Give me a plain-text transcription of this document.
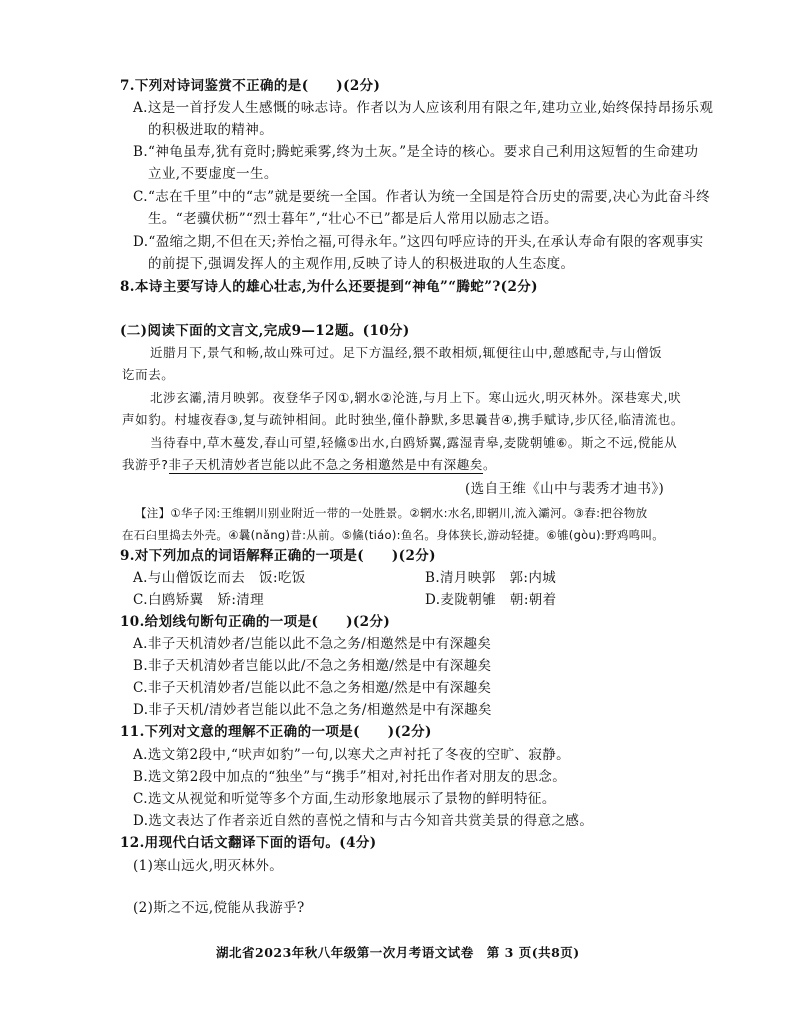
7.下列对诗词鉴赏不正确的是(　　)(2分)
A.这是一首抒发人生感慨的咏志诗。作者以为人应该利用有限之年,建功立业,始终保持昂扬乐观
的积极进取的精神。
B.“神龟虽寿,犹有竟时;腾蛇乘雾,终为土灰。”是全诗的核心。要求自己利用这短暂的生命建功
立业,不要虚度一生。
C.“志在千里”中的“志”就是要统一全国。作者认为统一全国是符合历史的需要,决心为此奋斗终
生。“老骥伏枥”“烈士暮年”,“壮心不已”都是后人常用以励志之语。
D.“盈缩之期,不但在天;养怡之福,可得永年。”这四句呼应诗的开头,在承认寿命有限的客观事实
的前提下,强调发挥人的主观作用,反映了诗人的积极进取的人生态度。
8.本诗主要写诗人的雄心壮志,为什么还要提到“神龟”“腾蛇”?(2分)
(二)阅读下面的文言文,完成9—12题。(10分)
近腊月下,景气和畅,故山殊可过。足下方温经,猥不敢相烦,辄便往山中,憩感配寺,与山僧饭
讫而去。
北涉玄灞,清月映郭。夜登华子冈①,辋水②沦涟,与月上下。寒山远火,明灭林外。深巷寒犬,吠
声如豹。村墟夜舂③,复与疏钟相间。此时独坐,僮仆静默,多思曩昔④,携手赋诗,步仄径,临清流也。
当待春中,草木蔓发,春山可望,轻鯈⑤出水,白鸥矫翼,露湿青皋,麦陇朝雊⑥。斯之不远,傥能从
我游乎?非子天机清妙者岂能以此不急之务相邀然是中有深趣矣。
(选自王维《山中与裴秀才迪书》)
【注】①华子冈:王维辋川别业附近一带的一处胜景。②辋水:水名,即辋川,流入灞河。③舂:把谷物放
在石臼里捣去外壳。④曩(nǎng)昔:从前。⑤鯈(tiáo):鱼名。身体狭长,游动轻捷。⑥雊(gòu):野鸡鸣叫。
9.对下列加点的词语解释正确的一项是(　　)(2分)
A.与山僧饭讫而去　饭:吃饭	B.清月映郭　郭:内城
C.白鸥矫翼　矫:清理	D.麦陇朝雊　朝:朝着
10.给划线句断句正确的一项是(　　)(2分)
A.非子天机清妙者/岂能以此不急之务/相邀然是中有深趣矣
B.非子天机清妙者岂能以此/不急之务相邀/然是中有深趣矣
C.非子天机清妙者/岂能以此不急之务相邀/然是中有深趣矣
D.非子天机/清妙者岂能以此不急之务/相邀然是中有深趣矣
11.下列对文意的理解不正确的一项是(　　)(2分)
A.选文第2段中,“吠声如豹”一句,以寒犬之声衬托了冬夜的空旷、寂静。
B.选文第2段中加点的“独坐”与“携手”相对,衬托出作者对朋友的思念。
C.选文从视觉和听觉等多个方面,生动形象地展示了景物的鲜明特征。
D.选文表达了作者亲近自然的喜悦之情和与古今知音共赏美景的得意之感。
12.用现代白话文翻译下面的语句。(4分)
(1)寒山远火,明灭林外。
(2)斯之不远,傥能从我游乎?
湖北省2023年秋八年级第一次月考语文试卷　第 3 页(共8页)
